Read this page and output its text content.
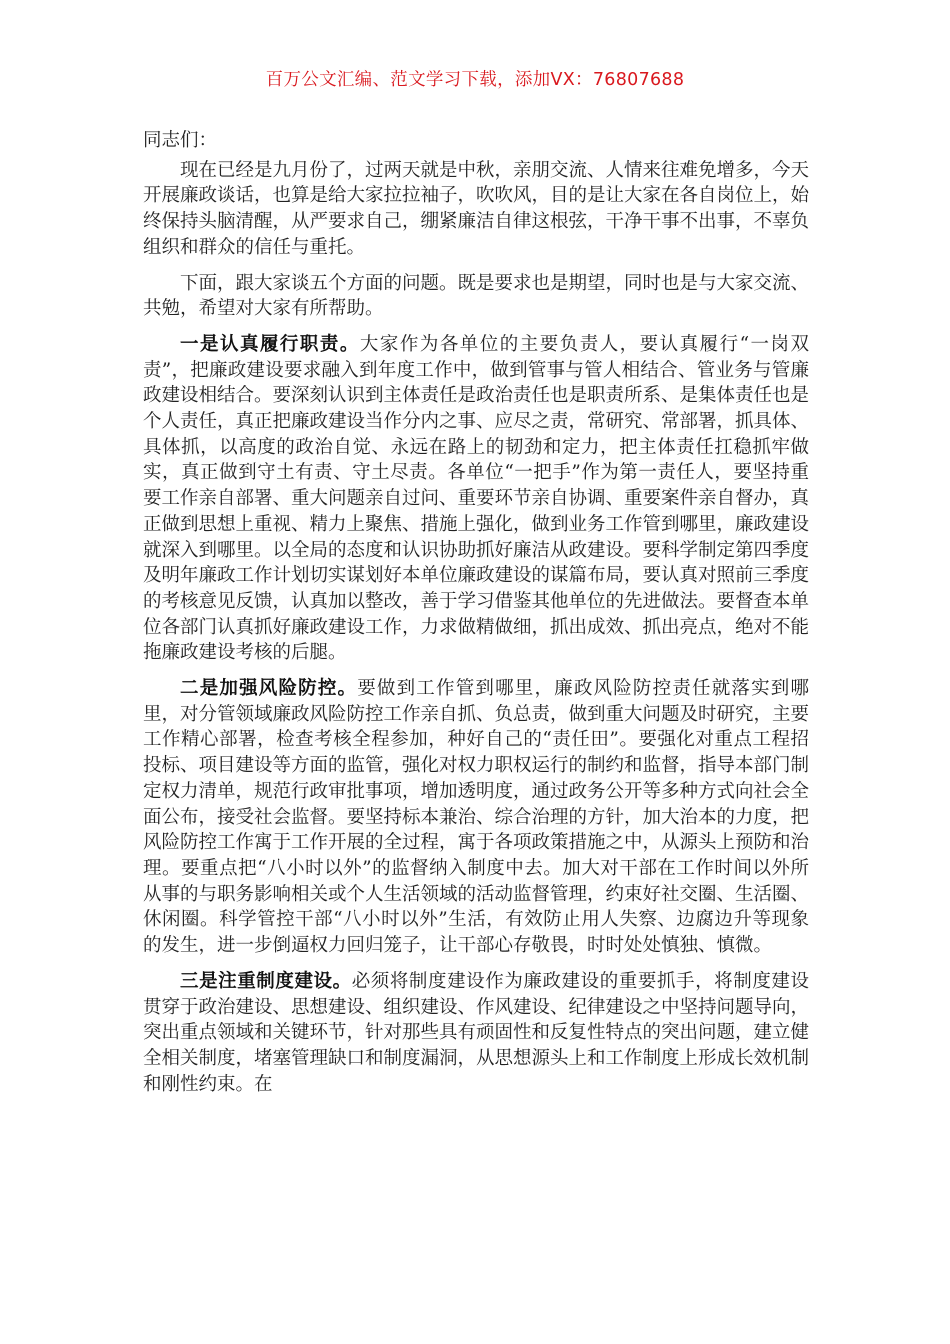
百万公文汇编、范文学习下载，添加VX：76807688

同志们：

现在已经是九月份了，过两天就是中秋，亲朋交流、人情来往难免增多，今天开展廉政谈话，也算是给大家拉拉袖子，吹吹风，目的是让大家在各自岗位上，始终保持头脑清醒，从严要求自己，绷紧廉洁自律这根弦，干净干事不出事，不辜负组织和群众的信任与重托。

下面，跟大家谈五个方面的问题。既是要求也是期望，同时也是与大家交流、共勉，希望对大家有所帮助。

一是认真履行职责。大家作为各单位的主要负责人，要认真履行“一岗双责”，把廉政建设要求融入到年度工作中，做到管事与管人相结合、管业务与管廉政建设相结合。要深刻认识到主体责任是政治责任也是职责所系、是集体责任也是个人责任，真正把廉政建设当作分内之事、应尽之责，常研究、常部署，抓具体、具体抓，以高度的政治自觉、永远在路上的韧劲和定力，把主体责任扛稳抓牢做实，真正做到守土有责、守土尽责。各单位“一把手”作为第一责任人，要坚持重要工作亲自部署、重大问题亲自过问、重要环节亲自协调、重要案件亲自督办，真正做到思想上重视、精力上聚焦、措施上强化，做到业务工作管到哪里，廉政建设就深入到哪里。以全局的态度和认识协助抓好廉洁从政建设。要科学制定第四季度及明年廉政工作计划切实谋划好本单位廉政建设的谋篇布局，要认真对照前三季度的考核意见反馈，认真加以整改，善于学习借鉴其他单位的先进做法。要督查本单位各部门认真抓好廉政建设工作，力求做精做细，抓出成效、抓出亮点，绝对不能拖廉政建设考核的后腿。

二是加强风险防控。要做到工作管到哪里，廉政风险防控责任就落实到哪里，对分管领域廉政风险防控工作亲自抓、负总责，做到重大问题及时研究，主要工作精心部署，检查考核全程参加，种好自己的“责任田”。要强化对重点工程招投标、项目建设等方面的监管，强化对权力职权运行的制约和监督，指导本部门制定权力清单，规范行政审批事项，增加透明度，通过政务公开等多种方式向社会全面公布，接受社会监督。要坚持标本兼治、综合治理的方针，加大治本的力度，把风险防控工作寓于工作开展的全过程，寓于各项政策措施之中，从源头上预防和治理。要重点把“八小时以外”的监督纳入制度中去。加大对干部在工作时间以外所从事的与职务影响相关或个人生活领域的活动监督管理，约束好社交圈、生活圈、休闲圈。科学管控干部“八小时以外”生活，有效防止用人失察、边腐边升等现象的发生，进一步倒逼权力回归笼子，让干部心存敬畏，时时处处慎独、慎微。

三是注重制度建设。必须将制度建设作为廉政建设的重要抓手，将制度建设贯穿于政治建设、思想建设、组织建设、作风建设、纪律建设之中坚持问题导向，突出重点领域和关键环节，针对那些具有顽固性和反复性特点的突出问题，建立健全相关制度，堵塞管理缺口和制度漏洞，从思想源头上和工作制度上形成长效机制和刚性约束。在
